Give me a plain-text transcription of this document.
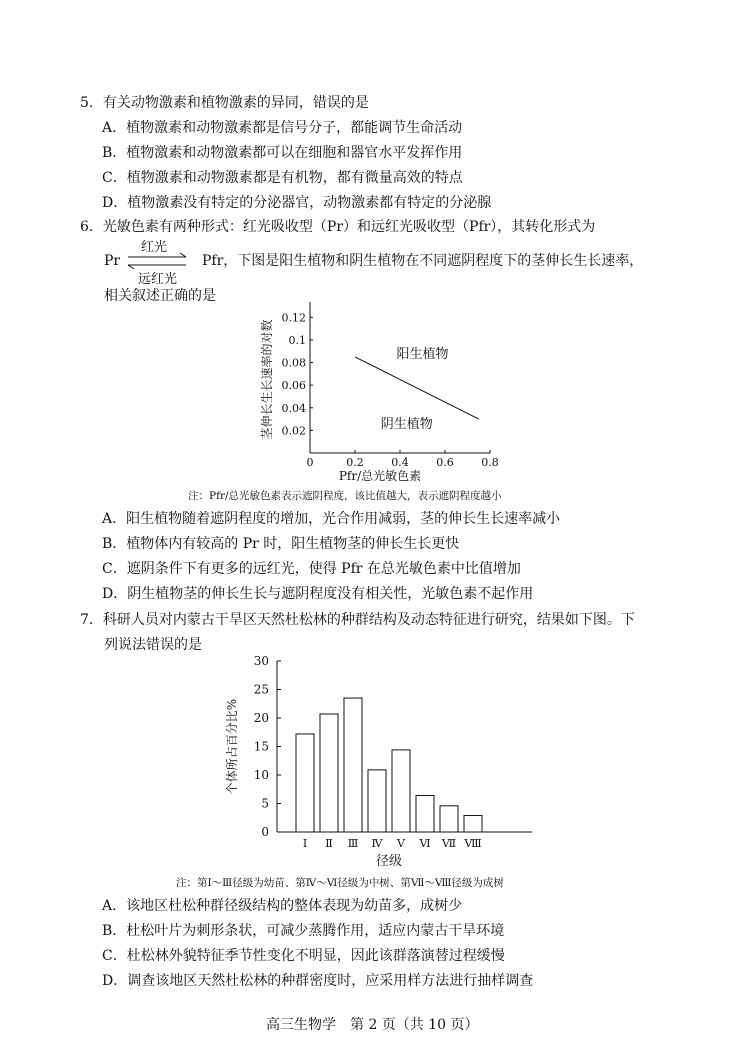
5．有关动物激素和植物激素的异同，错误的是
A．植物激素和动物激素都是信号分子，都能调节生命活动
B．植物激素和动物激素都可以在细胞和器官水平发挥作用
C．植物激素和动物激素都是有机物，都有微量高效的特点
D．植物激素没有特定的分泌器官，动物激素都有特定的分泌腺
6．光敏色素有两种形式：红光吸收型（Pr）和远红光吸收型（Pfr），其转化形式为
Pr
红光
远红光
Pfr，下图是阳生植物和阴生植物在不同遮阴程度下的茎伸长生长速率，
相关叙述正确的是
0.02
0.04
0.06
0.08
0.1
0.12
0	0.2	0.4	0.6	0.8
Pfr/总光敏色素
茎伸长生长速率的对数	阳生植物
阴生植物
注：Pfr/总光敏色素表示遮阴程度，该比值越大，表示遮阴程度越小
A．阳生植物随着遮阴程度的增加，光合作用减弱，茎的伸长生长速率减小
B．植物体内有较高的 Pr 时，阳生植物茎的伸长生长更快
C．遮阴条件下有更多的远红光，使得 Pfr 在总光敏色素中比值增加
D．阴生植物茎的伸长生长与遮阴程度没有相关性，光敏色素不起作用
7．科研人员对内蒙古干旱区天然杜松林的种群结构及动态特征进行研究，结果如下图。下
列说法错误的是
0
5
10
15
20
25
30
Ⅰ Ⅱ Ⅲ Ⅳ Ⅴ Ⅵ Ⅶ Ⅷ
径级
个体所占百分比%
注：第Ⅰ～Ⅲ径级为幼苗、第Ⅳ～Ⅵ径级为中树、第Ⅶ～Ⅷ径级为成树
A．该地区杜松种群径级结构的整体表现为幼苗多，成树少
B．杜松叶片为刺形条状，可减少蒸腾作用，适应内蒙古干旱环境
C．杜松林外貌特征季节性变化不明显，因此该群落演替过程缓慢
D．调查该地区天然杜松林的种群密度时，应采用样方法进行抽样调查
高三生物学　第 2 页（共 10 页）
